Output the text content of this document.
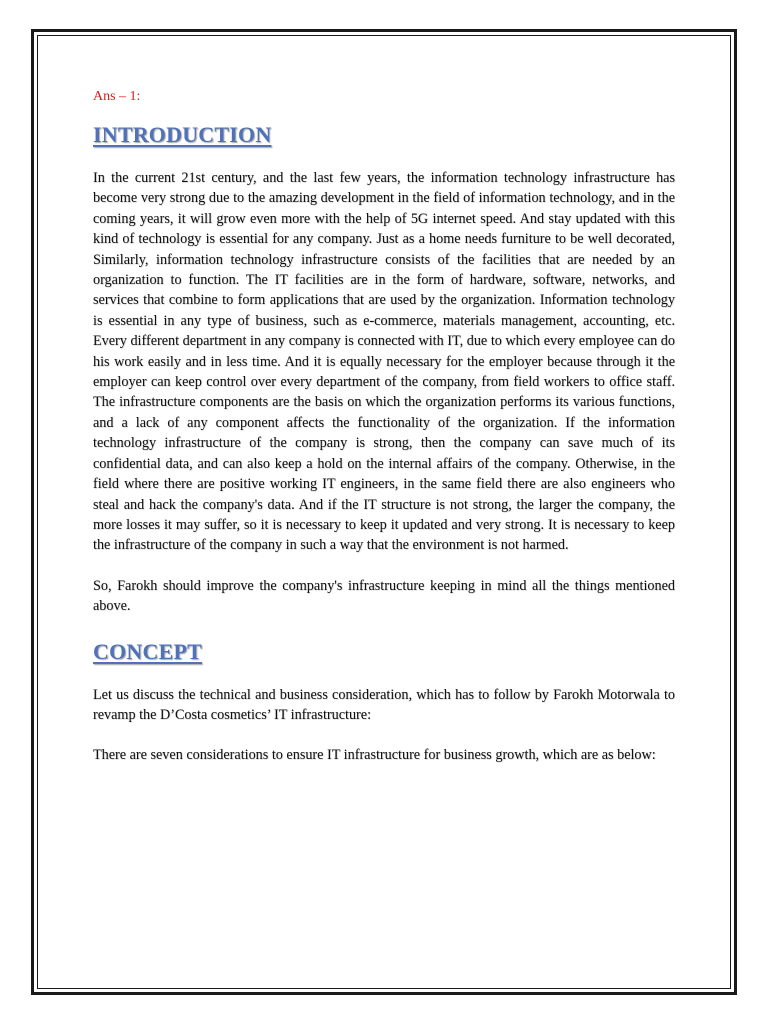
Ans – 1:

INTRODUCTION

In the current 21st century, and the last few years, the information technology infrastructure has become very strong due to the amazing development in the field of information technology, and in the coming years, it will grow even more with the help of 5G internet speed. And stay updated with this kind of technology is essential for any company. Just as a home needs furniture to be well decorated, Similarly, information technology infrastructure consists of the facilities that are needed by an organization to function. The IT facilities are in the form of hardware, software, networks, and services that combine to form applications that are used by the organization. Information technology is essential in any type of business, such as e-commerce, materials management, accounting, etc. Every different department in any company is connected with IT, due to which every employee can do his work easily and in less time. And it is equally necessary for the employer because through it the employer can keep control over every department of the company, from field workers to office staff. The infrastructure components are the basis on which the organization performs its various functions, and a lack of any component affects the functionality of the organization. If the information technology infrastructure of the company is strong, then the company can save much of its confidential data, and can also keep a hold on the internal affairs of the company. Otherwise, in the field where there are positive working IT engineers, in the same field there are also engineers who steal and hack the company's data. And if the IT structure is not strong, the larger the company, the more losses it may suffer, so it is necessary to keep it updated and very strong. It is necessary to keep the infrastructure of the company in such a way that the environment is not harmed.

So, Farokh should improve the company's infrastructure keeping in mind all the things mentioned above.

CONCEPT

Let us discuss the technical and business consideration, which has to follow by Farokh Motorwala to revamp the D’Costa cosmetics’ IT infrastructure:

There are seven considerations to ensure IT infrastructure for business growth, which are as below:
